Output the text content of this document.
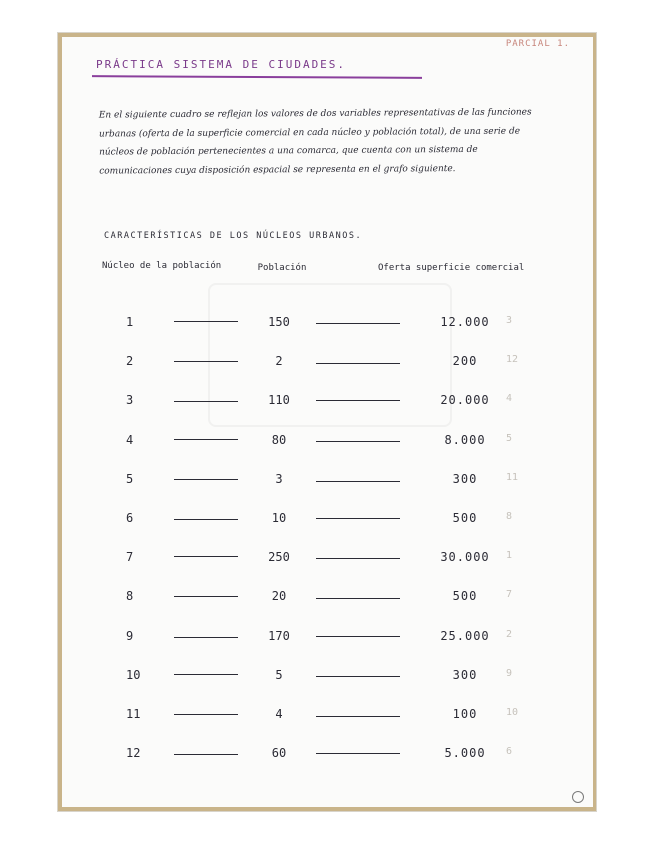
PARCIAL 1.
PRÁCTICA SISTEMA DE CIUDADES.
En el siguiente cuadro se reflejan los valores de dos variables representativas de las funciones urbanas (oferta de la superficie comercial en cada núcleo y población total), de una serie de núcleos de población pertenecientes a una comarca, que cuenta con un sistema de comunicaciones cuya disposición espacial se representa en el grafo siguiente.
CARACTERÍSTICAS DE LOS NÚCLEOS URBANOS.
Núcleo de la población	Población	Oferta superficie comercial
1	150	12.000	3
2	2	200	12
3	110	20.000	4
4	80	8.000	5
5	3	300	11
6	10	500	8
7	250	30.000	1
8	20	500	7
9	170	25.000	2
10	5	300	9
11	4	100	10
12	60	5.000	6
